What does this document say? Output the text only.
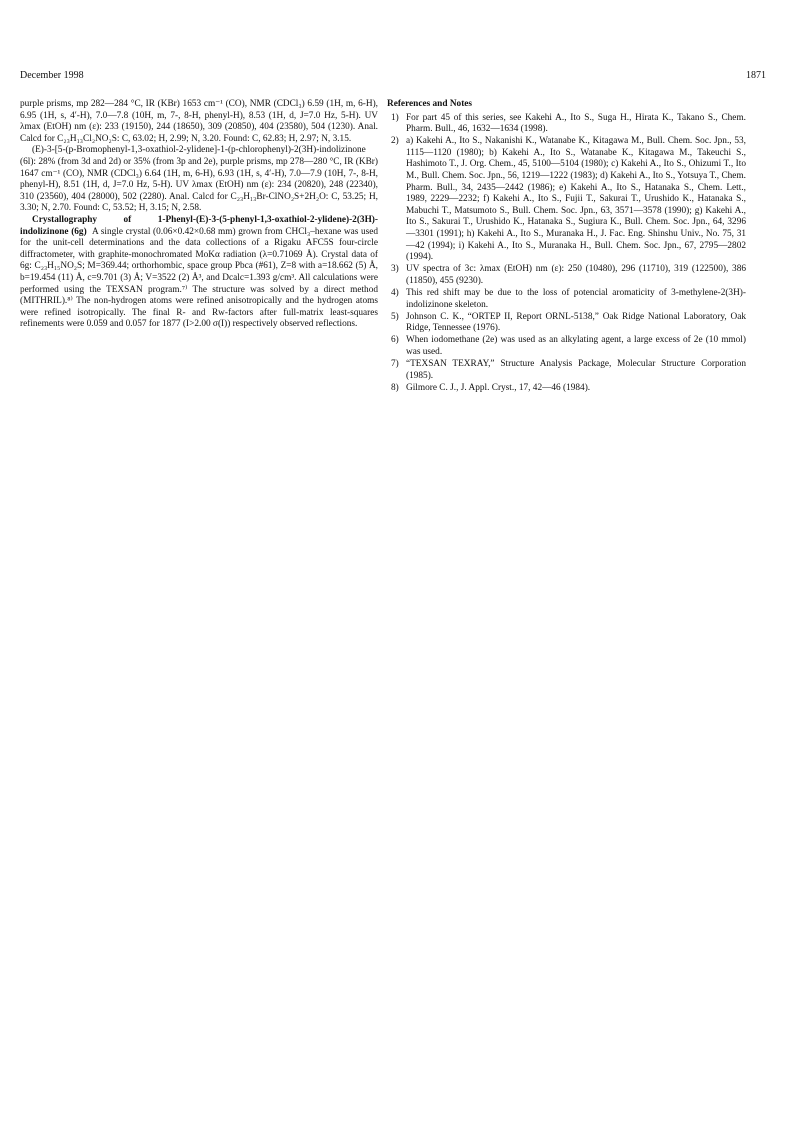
December 1998	1871

purple prisms, mp 282—284 °C, IR (KBr) 1653 cm⁻¹ (CO), NMR (CDCl₃) 6.59 (1H, m, 6-H), 6.95 (1H, s, 4′-H), 7.0—7.8 (10H, m, 7-, 8-H, phenyl-H), 8.53 (1H, d, J=7.0 Hz, 5-H). UV λmax (EtOH) nm (ε): 233 (19150), 244 (18650), 309 (20850), 404 (23580), 504 (1230). Anal. Calcd for C₂₃H₁₃Cl₂NO₂S: C, 63.02; H, 2.99; N, 3.20. Found: C, 62.83; H, 2.97; N, 3.15.

(E)-3-[5-(p-Bromophenyl-1,3-oxathiol-2-ylidene]-1-(p-chlorophenyl)-2(3H)-indolizinone (6l): 28% (from 3d and 2d) or 35% (from 3p and 2e), purple prisms, mp 278—280 °C, IR (KBr) 1647 cm⁻¹ (CO), NMR (CDCl₃) 6.64 (1H, m, 6-H), 6.93 (1H, s, 4′-H), 7.0—7.9 (10H, 7-, 8-H, phenyl-H), 8.51 (1H, d, J=7.0 Hz, 5-H). UV λmax (EtOH) nm (ε): 234 (20820), 248 (22340), 310 (23560), 404 (28000), 502 (2280). Anal. Calcd for C₂₃H₁₃Br-ClNO₂S+2H₂O: C, 53.25; H, 3.30; N, 2.70. Found: C, 53.52; H, 3.15; N, 2.58.

Crystallography of 1-Phenyl-(E)-3-(5-phenyl-1,3-oxathiol-2-ylidene)-2(3H)-indolizinone (6g) A single crystal (0.06×0.42×0.68 mm) grown from CHCl₃–hexane was used for the unit-cell determinations and the data collections of a Rigaku AFC5S four-circle diffractometer, with graphite-monochromated MoKα radiation (λ=0.71069 Å). Crystal data of 6g: C₂₃H₁₅NO₂S; M=369.44; orthorhombic, space group Pbca (#61), Z=8 with a=18.662 (5) Å, b=19.454 (11) Å, c=9.701 (3) Å; V=3522 (2) Å³, and Dcalc=1.393 g/cm³. All calculations were performed using the TEXSAN program.⁷⁾ The structure was solved by a direct method (MITHRIL).⁸⁾ The non-hydrogen atoms were refined anisotropically and the hydrogen atoms were refined isotropically. The final R- and Rw-factors after full-matrix least-squares refinements were 0.059 and 0.057 for 1877 (I>2.00 σ(I)) respectively observed reflections.

References and Notes
1) For part 45 of this series, see Kakehi A., Ito S., Suga H., Hirata K., Takano S., Chem. Pharm. Bull., 46, 1632—1634 (1998).
2) a) Kakehi A., Ito S., Nakanishi K., Watanabe K., Kitagawa M., Bull. Chem. Soc. Jpn., 53, 1115—1120 (1980); b) Kakehi A., Ito S., Watanabe K., Kitagawa M., Takeuchi S., Hashimoto T., J. Org. Chem., 45, 5100—5104 (1980); c) Kakehi A., Ito S., Ohizumi T., Ito M., Bull. Chem. Soc. Jpn., 56, 1219—1222 (1983); d) Kakehi A., Ito S., Yotsuya T., Chem. Pharm. Bull., 34, 2435—2442 (1986); e) Kakehi A., Ito S., Hatanaka S., Chem. Lett., 1989, 2229—2232; f) Kakehi A., Ito S., Fujii T., Sakurai T., Urushido K., Hatanaka S., Mabuchi T., Matsumoto S., Bull. Chem. Soc. Jpn., 63, 3571—3578 (1990); g) Kakehi A., Ito S., Sakurai T., Urushido K., Hatanaka S., Sugiura K., Bull. Chem. Soc. Jpn., 64, 3296—3301 (1991); h) Kakehi A., Ito S., Muranaka H., J. Fac. Eng. Shinshu Univ., No. 75, 31—42 (1994); i) Kakehi A., Ito S., Muranaka H., Bull. Chem. Soc. Jpn., 67, 2795—2802 (1994).
3) UV spectra of 3c: λmax (EtOH) nm (ε): 250 (10480), 296 (11710), 319 (122500), 386 (11850), 455 (9230).
4) This red shift may be due to the loss of potencial aromaticity of 3-methylene-2(3H)-indolizinone skeleton.
5) Johnson C. K., “ORTEP II, Report ORNL-5138,” Oak Ridge National Laboratory, Oak Ridge, Tennessee (1976).
6) When iodomethane (2e) was used as an alkylating agent, a large excess of 2e (10 mmol) was used.
7) “TEXSAN TEXRAY,” Structure Analysis Package, Molecular Structure Corporation (1985).
8) Gilmore C. J., J. Appl. Cryst., 17, 42—46 (1984).
